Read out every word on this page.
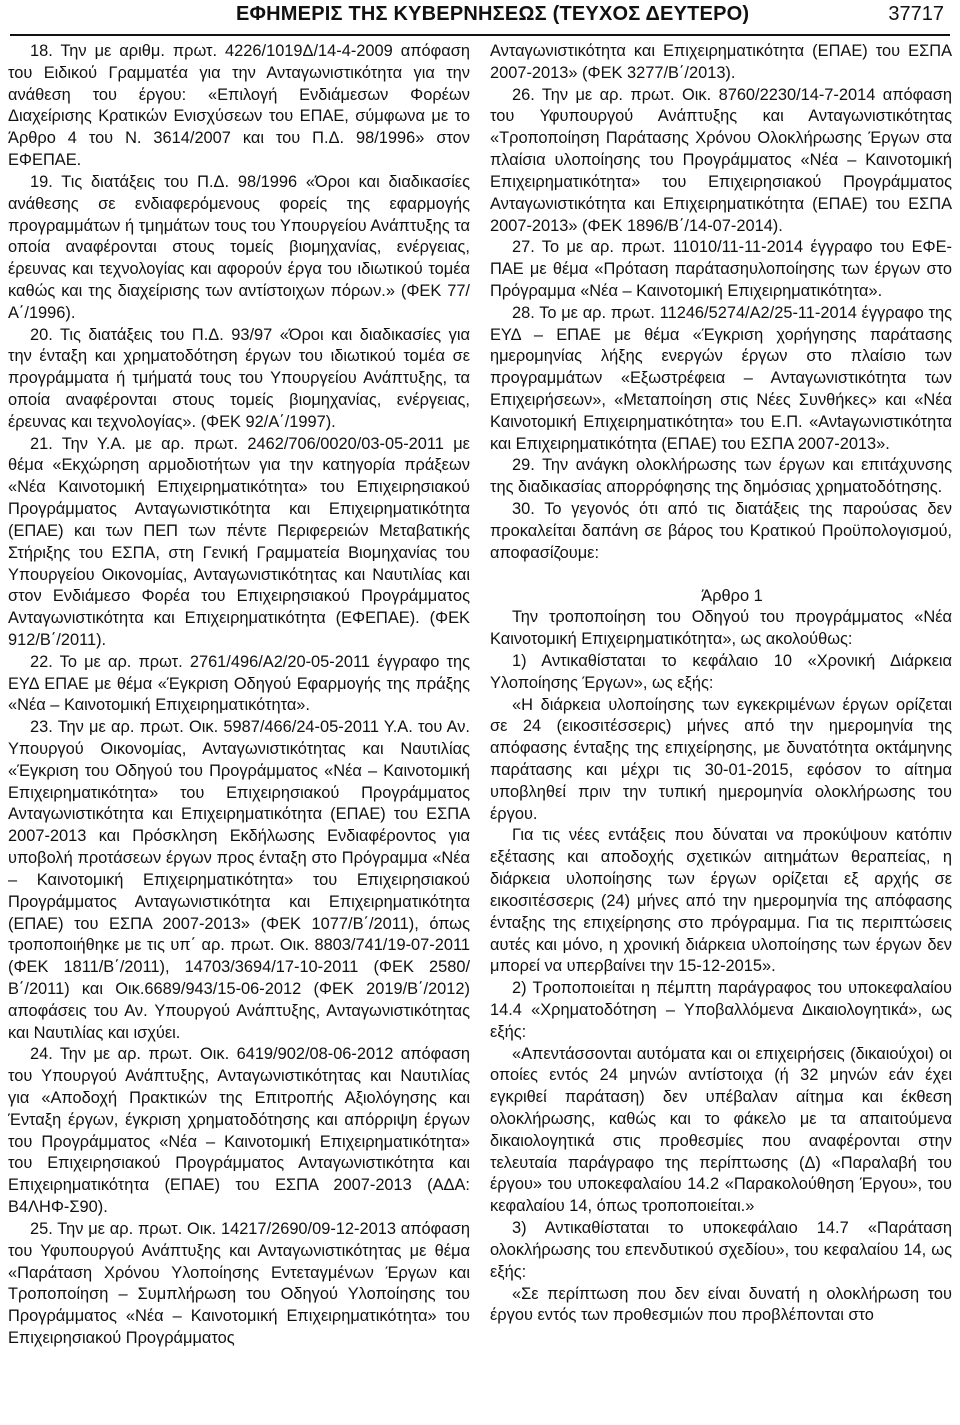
ΕΦΗΜΕΡΙΣ ΤΗΣ ΚΥΒΕΡΝΗΣΕΩΣ (ΤΕΥΧΟΣ ΔΕΥΤΕΡΟ)	37717

18. Την με αριθμ. πρωτ. 4226/1019Δ/14-4-2009 απόφαση του Ειδικού Γραμματέα για την Ανταγωνιστικότητα για την ανάθεση του έργου: «Επιλογή Ενδιάμεσων Φορέων Διαχείρισης Κρατικών Ενισχύσεων του ΕΠΑΕ, σύμφωνα με το Άρθρο 4 του Ν. 3614/2007 και του Π.Δ. 98/1996» στον ΕΦΕΠΑΕ.

19. Τις διατάξεις του Π.Δ. 98/1996 «Όροι και διαδικασίες ανάθεσης σε ενδιαφερόμενους φορείς της εφαρμογής προγραμμάτων ή τμημάτων τους του Υπουργείου Ανάπτυξης τα οποία αναφέρονται στους τομείς βιομηχανίας, ενέργειας, έρευνας και τεχνολογίας και αφορούν έργα του ιδιωτικού τομέα καθώς και της διαχείρισης των αντίστοιχων πόρων.» (ΦΕΚ 77/Α΄/1996).

20. Τις διατάξεις του Π.Δ. 93/97 «Όροι και διαδικασίες για την ένταξη και χρηματοδότηση έργων του ιδιωτικού τομέα σε προγράμματα ή τμήματά τους του Υπουργείου Ανάπτυξης, τα οποία αναφέρονται στους τομείς βιομηχανίας, ενέργειας, έρευνας και τεχνολογίας». (ΦΕΚ 92/Α΄/1997).

21. Την Υ.Α. με αρ. πρωτ. 2462/706/0020/03-05-2011 με θέμα «Εκχώρηση αρμοδιοτήτων για την κατηγορία πράξεων «Νέα Καινοτομική Επιχειρηματικότητα» του Επιχειρησιακού Προγράμματος Ανταγωνιστικότητα και Επιχειρηματικότητα (ΕΠΑΕ) και των ΠΕΠ των πέντε Περιφερειών Μεταβατικής Στήριξης του ΕΣΠΑ, στη Γενική Γραμματεία Βιομηχανίας του Υπουργείου Οικονομίας, Ανταγωνιστικότητας και Ναυτιλίας και στον Ενδιάμεσο Φορέα του Επιχειρησιακού Προγράμματος Ανταγωνιστικότητα και Επιχειρηματικότητα (ΕΦΕΠΑΕ). (ΦΕΚ 912/Β΄/2011).

22. Το με αρ. πρωτ. 2761/496/Α2/20-05-2011 έγγραφο της ΕΥΔ ΕΠΑΕ με θέμα «Έγκριση Οδηγού Εφαρμογής της πράξης «Νέα – Καινοτομική Επιχειρηματικότητα».

23. Την με αρ. πρωτ. Οικ. 5987/466/24-05-2011 Υ.Α. του Αν. Υπουργού Οικονομίας, Ανταγωνιστικότητας και Ναυτιλίας «Έγκριση του Οδηγού του Προγράμματος «Νέα – Καινοτομική Επιχειρηματικότητα» του Επιχειρησιακού Προγράμματος Ανταγωνιστικότητα και Επιχειρηματικότητα (ΕΠΑΕ) του ΕΣΠΑ 2007-2013 και Πρόσκληση Εκδήλωσης Ενδιαφέροντος για υποβολή προτάσεων έργων προς ένταξη στο Πρόγραμμα «Νέα – Καινοτομική Επιχειρηματικότητα» του Επιχειρησιακού Προγράμματος Ανταγωνιστικότητα και Επιχειρηματικότητα (ΕΠΑΕ) του ΕΣΠΑ 2007-2013» (ΦΕΚ 1077/Β΄/2011), όπως τροποποιήθηκε με τις υπ΄ αρ. πρωτ. Οικ. 8803/741/19-07-2011 (ΦΕΚ 1811/Β΄/2011), 14703/3694/17-10-2011 (ΦΕΚ 2580/Β΄/2011) και Οικ.6689/943/15-06-2012 (ΦΕΚ 2019/Β΄/2012) αποφάσεις του Αν. Υπουργού Ανάπτυξης, Ανταγωνιστικότητας και Ναυτιλίας και ισχύει.

24. Την με αρ. πρωτ. Οικ. 6419/902/08-06-2012 απόφαση του Υπουργού Ανάπτυξης, Ανταγωνιστικότητας και Ναυτιλίας για «Αποδοχή Πρακτικών της Επιτροπής Αξιολόγησης και Ένταξη έργων, έγκριση χρηματοδότησης και απόρριψη έργων του Προγράμματος «Νέα – Καινοτομική Επιχειρηματικότητα» του Επιχειρησιακού Προγράμματος Ανταγωνιστικότητα και Επιχειρηματικότητα (ΕΠΑΕ) του ΕΣΠΑ 2007-2013 (ΑΔΑ: Β4ΛΗΦ-Σ90).

25. Την με αρ. πρωτ. Οικ. 14217/2690/09-12-2013 απόφαση του Υφυπουργού Ανάπτυξης και Ανταγωνιστικότητας με θέμα «Παράταση Χρόνου Υλοποίησης Εντεταγμένων Έργων και Τροποποίηση – Συμπλήρωση του Οδηγού Υλοποίησης του Προγράμματος «Νέα – Καινοτομική Επιχειρηματικότητα» του Επιχειρησιακού Προγράμματος

Ανταγωνιστικότητα και Επιχειρηματικότητα (ΕΠΑΕ) του ΕΣΠΑ 2007-2013» (ΦΕΚ 3277/Β΄/2013).

26. Την με αρ. πρωτ. Οικ. 8760/2230/14-7-2014 απόφαση του Υφυπουργού Ανάπτυξης και Ανταγωνιστικότητας «Τροποποίηση Παράτασης Χρόνου Ολοκλήρωσης Έργων στα πλαίσια υλοποίησης του Προγράμματος «Νέα – Καινοτομική Επιχειρηματικότητα» του Επιχειρησιακού Προγράμματος Ανταγωνιστικότητα και Επιχειρηματικότητα (ΕΠΑΕ) του ΕΣΠΑ 2007-2013» (ΦΕΚ 1896/Β΄/14-07-2014).

27. Το με αρ. πρωτ. 11010/11-11-2014 έγγραφο του ΕΦΕΠΑΕ με θέμα «Πρόταση παράτασηυλοποίησης των έργων στο Πρόγραμμα «Νέα – Καινοτομική Επιχειρηματικότητα».

28. Το με αρ. πρωτ. 11246/5274/Α2/25-11-2014 έγγραφο της ΕΥΔ – ΕΠΑΕ με θέμα «Έγκριση χορήγησης παράτασης ημερομηνίας λήξης ενεργών έργων στο πλαίσιο των προγραμμάτων «Εξωστρέφεια – Ανταγωνιστικότητα των Επιχειρήσεων», «Μεταποίηση στις Νέες Συνθήκες» και «Νέα Καινοτομική Επιχειρηματικότητα» του Ε.Π. «Ανtaγωνιστικότητα και Επιχειρηματικότητα (ΕΠΑΕ) του ΕΣΠΑ 2007-2013».

29. Την ανάγκη ολοκλήρωσης των έργων και επιτάχυνσης της διαδικασίας απορρόφησης της δημόσιας χρηματοδότησης.

30. Το γεγονός ότι από τις διατάξεις της παρούσας δεν προκαλείται δαπάνη σε βάρος του Κρατικού Προϋπολογισμού, αποφασίζουμε:

Άρθρο 1

Την τροποποίηση του Οδηγού του προγράμματος «Νέα Καινοτομική Επιχειρηματικότητα», ως ακολούθως:

1) Αντικαθίσταται το κεφάλαιο 10 «Χρονική Διάρκεια Υλοποίησης Έργων», ως εξής:

«Η διάρκεια υλοποίησης των εγκεκριμένων έργων ορίζεται σε 24 (εικοσιτέσσερις) μήνες από την ημερομηνία της απόφασης ένταξης της επιχείρησης, με δυνατότητα οκτάμηνης παράτασης και μέχρι τις 30-01-2015, εφόσον το αίτημα υποβληθεί πριν την τυπική ημερομηνία ολοκλήρωσης του έργου.

Για τις νέες εντάξεις που δύναται να προκύψουν κατόπιν εξέτασης και αποδοχής σχετικών αιτημάτων θεραπείας, η διάρκεια υλοποίησης των έργων ορίζεται εξ αρχής σε εικοσιτέσσερις (24) μήνες από την ημερομηνία της απόφασης ένταξης της επιχείρησης στο πρόγραμμα. Για τις περιπτώσεις αυτές και μόνο, η χρονική διάρκεια υλοποίησης των έργων δεν μπορεί να υπερβαίνει την 15-12-2015».

2) Τροποποιείται η πέμπτη παράγραφος του υποκεφαλαίου 14.4 «Χρηματοδότηση – Υποβαλλόμενα Δικαιολογητικά», ως εξής:

«Απεντάσσονται αυτόματα και οι επιχειρήσεις (δικαιούχοι) οι οποίες εντός 24 μηνών αντίστοιχα (ή 32 μηνών εάν έχει εγκριθεί παράταση) δεν υπέβαλαν αίτημα και έκθεση ολοκλήρωσης, καθώς και το φάκελο με τα απαιτούμενα δικαιολογητικά στις προθεσμίες που αναφέρονται στην τελευταία παράγραφο της περίπτωσης (Δ) «Παραλαβή του έργου» του υποκεφαλαίου 14.2 «Παρακολούθηση Έργου», του κεφαλαίου 14, όπως τροποποιείται.»

3) Αντικαθίσταται το υποκεφάλαιο 14.7 «Παράταση ολοκλήρωσης του επενδυτικού σχεδίου», του κεφαλαίου 14, ως εξής:

«Σε περίπτωση που δεν είναι δυνατή η ολοκλήρωση του έργου εντός των προθεσμιών που προβλέπονται στο
